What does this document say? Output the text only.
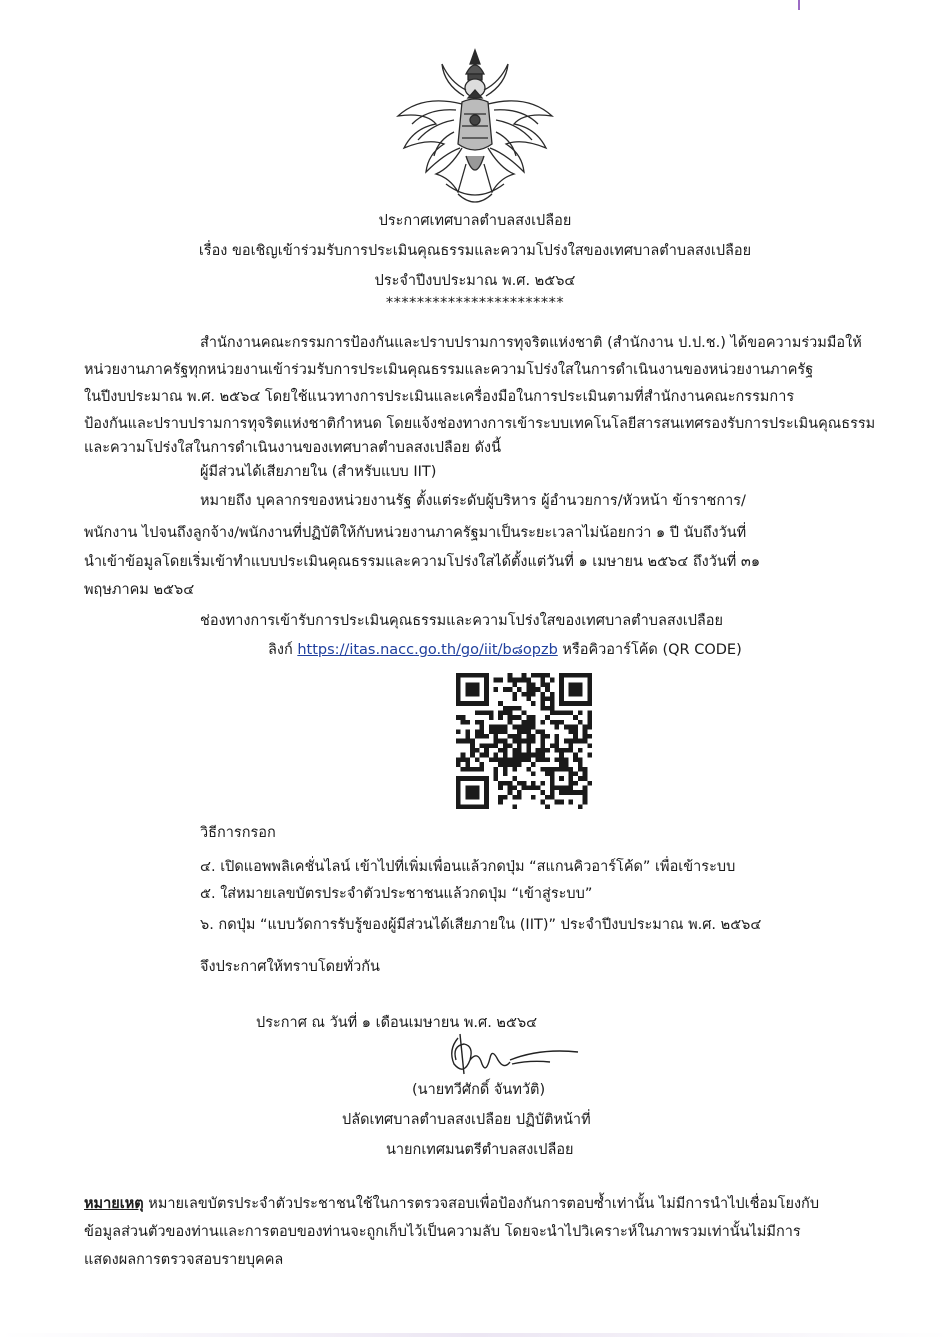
ประกาศเทศบาลตำบลสงเปลือย
เรื่อง ขอเชิญเข้าร่วมรับการประเมินคุณธรรมและความโปร่งใสของเทศบาลตำบลสงเปลือย
ประจำปีงบประมาณ พ.ศ. ๒๕๖๔
***********************
สำนักงานคณะกรรมการป้องกันและปราบปรามการทุจริตแห่งชาติ (สำนักงาน ป.ป.ช.) ได้ขอความร่วมมือให้
หน่วยงานภาครัฐทุกหน่วยงานเข้าร่วมรับการประเมินคุณธรรมและความโปร่งใสในการดำเนินงานของหน่วยงานภาครัฐ
ในปีงบประมาณ พ.ศ. ๒๕๖๔ โดยใช้แนวทางการประเมินและเครื่องมือในการประเมินตามที่สำนักงานคณะกรรมการ
ป้องกันและปราบปรามการทุจริตแห่งชาติกำหนด โดยแจ้งช่องทางการเข้าระบบเทคโนโลยีสารสนเทศรองรับการประเมินคุณธรรม
และความโปร่งใสในการดำเนินงานของเทศบาลตำบลสงเปลือย ดังนี้
ผู้มีส่วนได้เสียภายใน (สำหรับแบบ IIT)
หมายถึง บุคลากรของหน่วยงานรัฐ ตั้งแต่ระดับผู้บริหาร ผู้อำนวยการ/หัวหน้า ข้าราชการ/
พนักงาน ไปจนถึงลูกจ้าง/พนักงานที่ปฏิบัติให้กับหน่วยงานภาครัฐมาเป็นระยะเวลาไม่น้อยกว่า ๑ ปี นับถึงวันที่
นำเข้าข้อมูลโดยเริ่มเข้าทำแบบประเมินคุณธรรมและความโปร่งใสได้ตั้งแต่วันที่ ๑ เมษายน ๒๕๖๔ ถึงวันที่ ๓๑
พฤษภาคม ๒๕๖๔
ช่องทางการเข้ารับการประเมินคุณธรรมและความโปร่งใสของเทศบาลตำบลสงเปลือย
ลิงก์ https://itas.nacc.go.th/go/iit/b๘opzb หรือคิวอาร์โค้ด (QR CODE)
วิธีการกรอก
๔. เปิดแอพพลิเคชั่นไลน์ เข้าไปที่เพิ่มเพื่อนแล้วกดปุ่ม “สแกนคิวอาร์โค้ด” เพื่อเข้าระบบ
๕. ใส่หมายเลขบัตรประจำตัวประชาชนแล้วกดปุ่ม “เข้าสู่ระบบ”
๖. กดปุ่ม “แบบวัดการรับรู้ของผู้มีส่วนได้เสียภายใน (IIT)” ประจำปีงบประมาณ พ.ศ. ๒๕๖๔
จึงประกาศให้ทราบโดยทั่วกัน
ประกาศ ณ วันที่ ๑ เดือนเมษายน พ.ศ. ๒๕๖๔
(นายทวีศักดิ์ จันทวัติ)
ปลัดเทศบาลตำบลสงเปลือย ปฏิบัติหน้าที่
นายกเทศมนตรีตำบลสงเปลือย
หมายเหตุ หมายเลขบัตรประจำตัวประชาชนใช้ในการตรวจสอบเพื่อป้องกันการตอบซ้ำเท่านั้น ไม่มีการนำไปเชื่อมโยงกับ
ข้อมูลส่วนตัวของท่านและการตอบของท่านจะถูกเก็บไว้เป็นความลับ โดยจะนำไปวิเคราะห์ในภาพรวมเท่านั้นไม่มีการ
แสดงผลการตรวจสอบรายบุคคล
